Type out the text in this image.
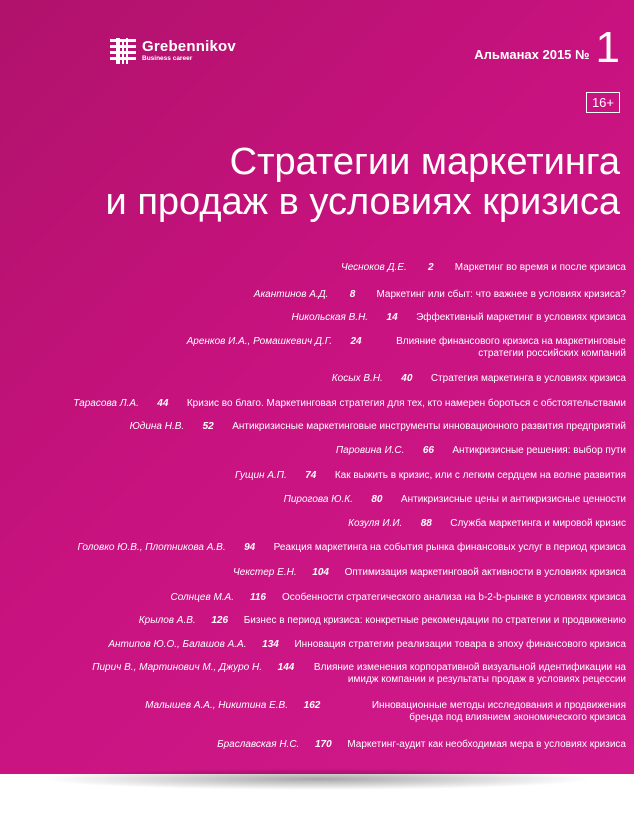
Grebennikov
Business career	Альманах 2015 № 1
16+
Стратегии маркетинга
и продаж в условиях кризиса
Чесноков Д.Е.	2	Маркетинг во время и после кризиса
Акантинов А.Д.	8	Маркетинг или сбыт: что важнее в условиях кризиса?
Никольская В.Н.	14	Эффективный маркетинг в условиях кризиса
Аренков И.А., Ромашкевич Д.Г.	24	Влияние финансового кризиса на маркетинговые стратегии российских компаний
Косых В.Н.	40	Стратегия маркетинга в условиях кризиса
Тарасова Л.А.	44	Кризис во благо. Маркетинговая стратегия для тех, кто намерен бороться с обстоятельствами
Юдина Н.В.	52	Антикризисные маркетинговые инструменты инновационного развития предприятий
Паровина И.С.	66	Антикризисные решения: выбор пути
Гущин А.П.	74	Как выжить в кризис, или с легким сердцем на волне развития
Пирогова Ю.К.	80	Антикризисные цены и антикризисные ценности
Козуля И.И.	88	Служба маркетинга и мировой кризис
Головко Ю.В., Плотникова А.В.	94	Реакция маркетинга на события рынка финансовых услуг в период кризиса
Чекстер Е.Н.	104	Оптимизация маркетинговой активности в условиях кризиса
Солнцев М.А.	116	Особенности стратегического анализа на b-2-b-рынке в условиях кризиса
Крылов А.В.	126	Бизнес в период кризиса: конкретные рекомендации по стратегии и продвижению
Антипов Ю.О., Балашов А.А.	134	Инновация стратегии реализации товара в эпоху финансового кризиса
Пирич В., Мартинович М., Джуро Н.	144	Влияние изменения корпоративной визуальной идентификации на имидж компании и результаты продаж в условиях рецессии
Малышев А.А., Никитина Е.В.	162	Инновационные методы исследования и продвижения бренда под влиянием экономического кризиса
Браславская Н.С.	170	Маркетинг-аудит как необходимая мера в условиях кризиса
